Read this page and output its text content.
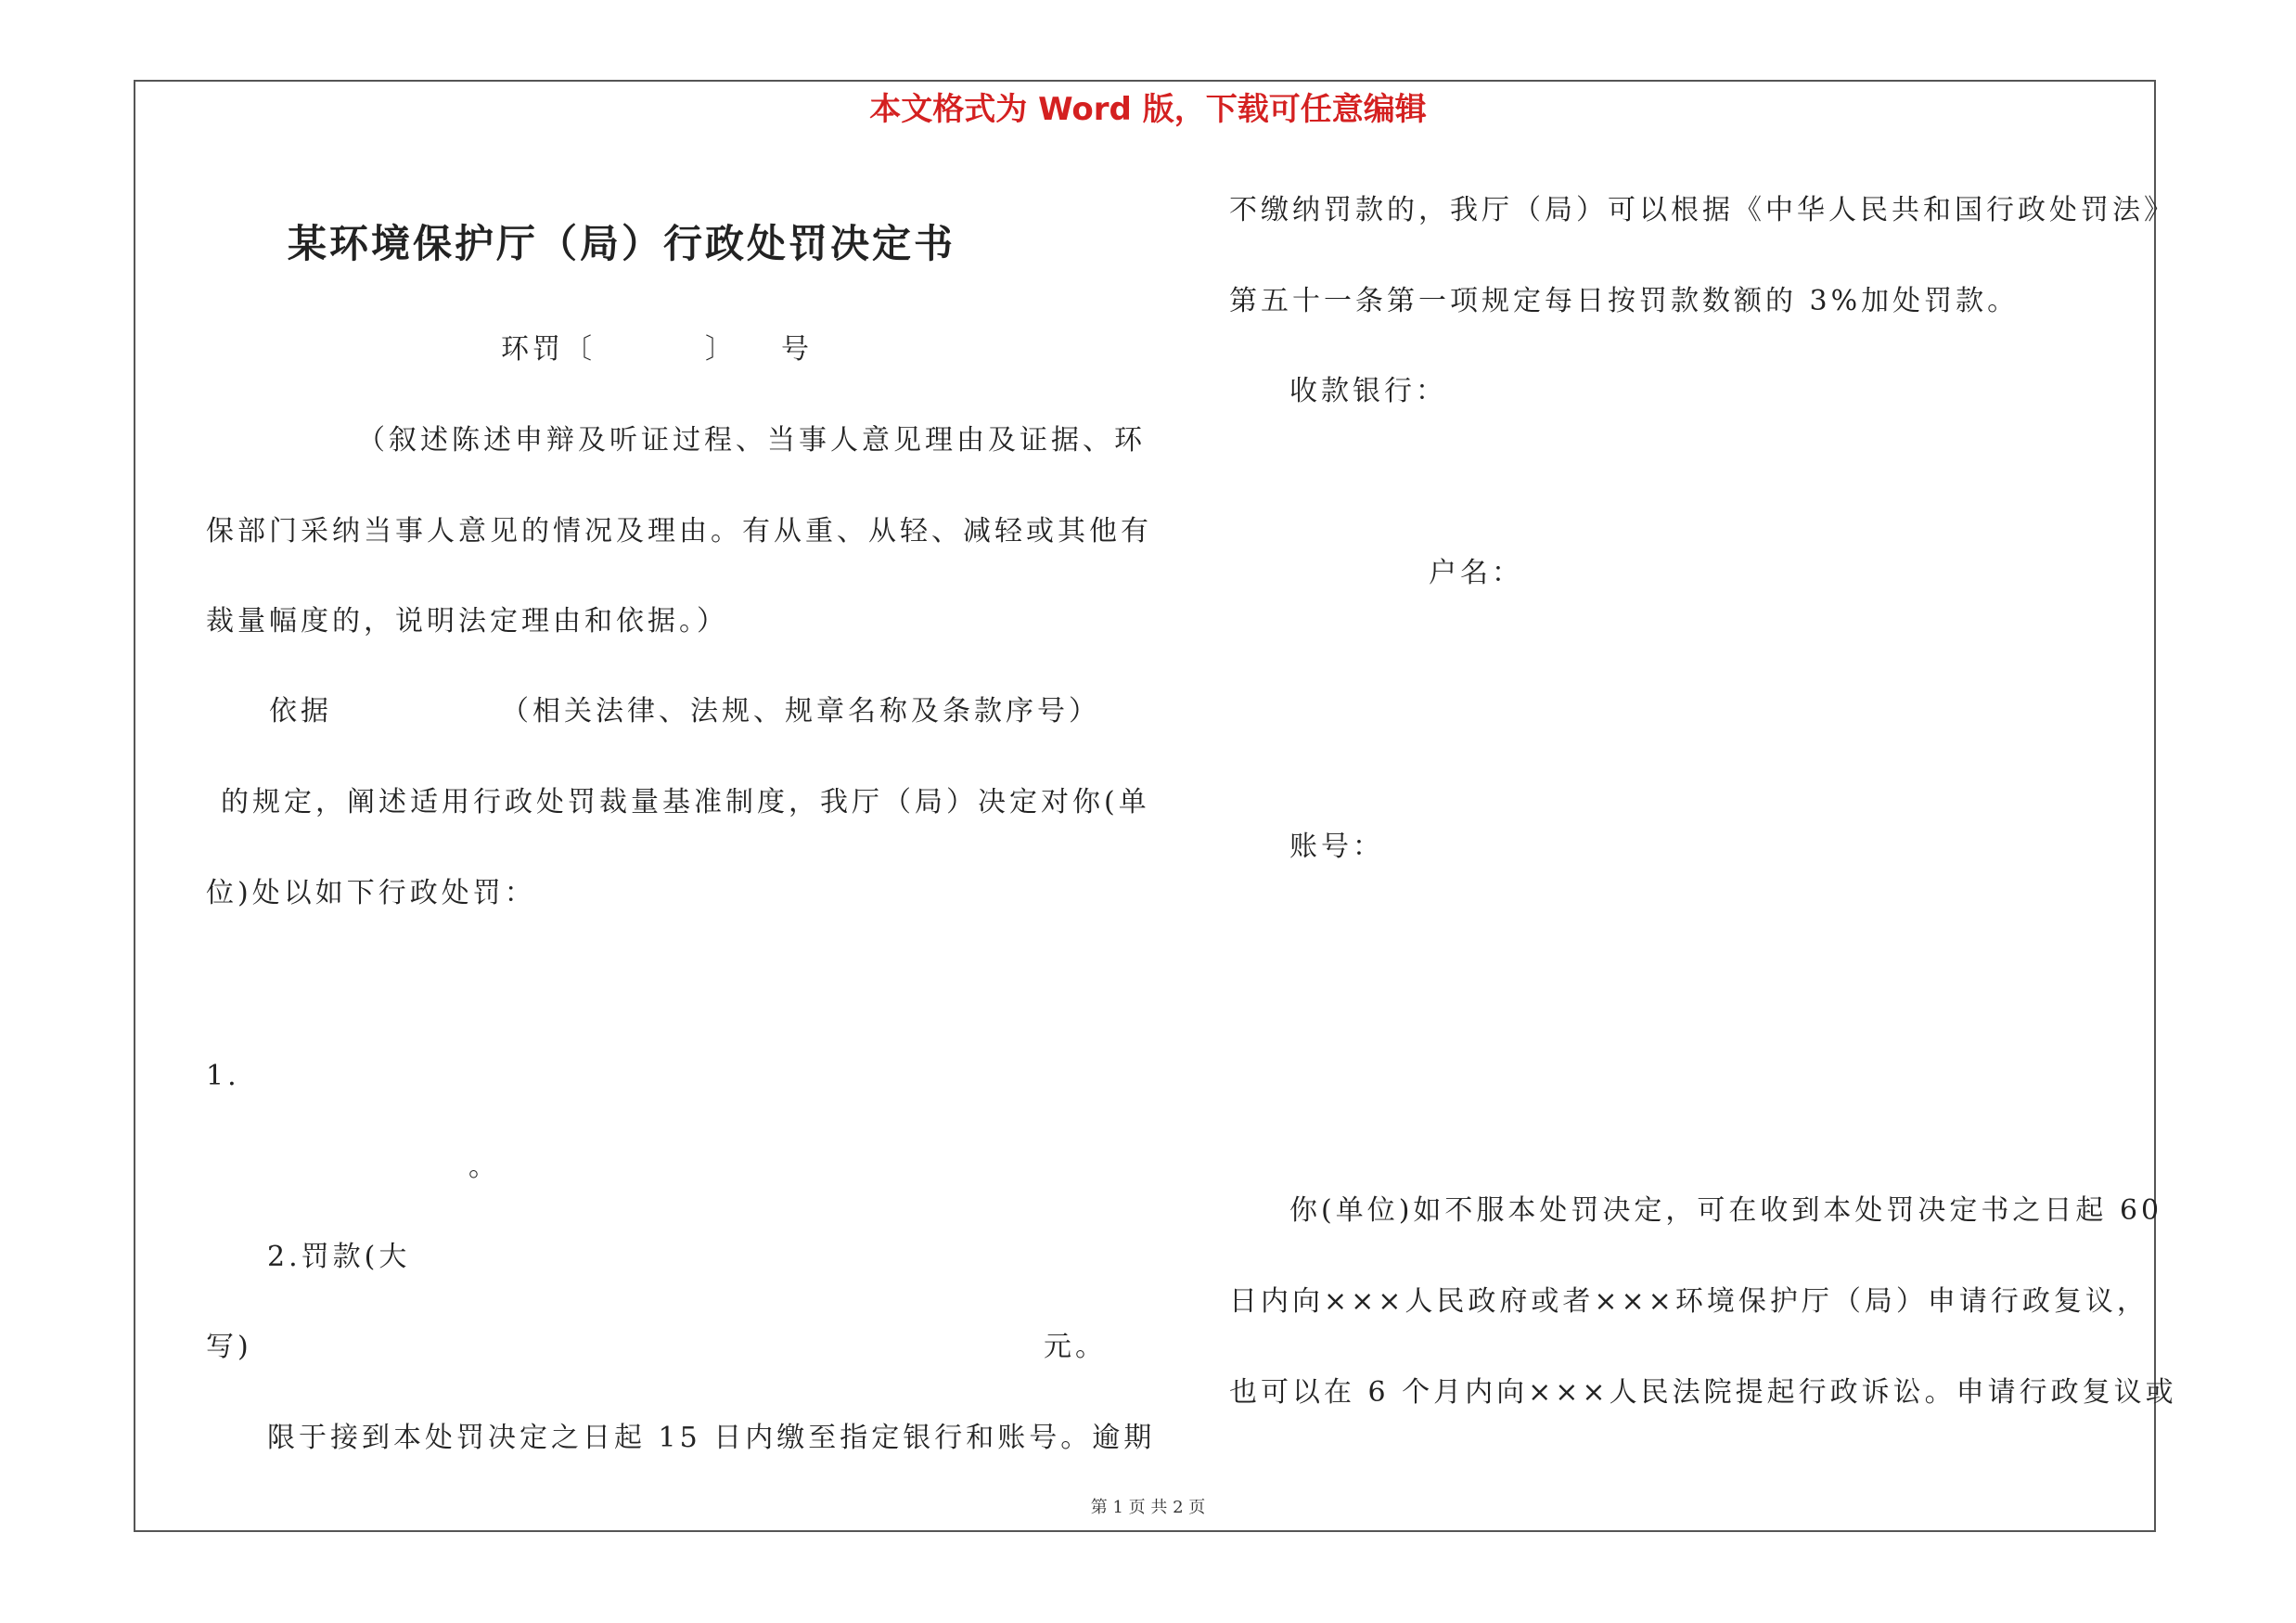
本文格式为 Word 版，下载可任意编辑
某环境保护厅（局）行政处罚决定书
环罚〔	〕 号
（叙述陈述申辩及听证过程、当事人意见理由及证据、环
保部门采纳当事人意见的情况及理由。有从重、从轻、减轻或其他有
裁量幅度的，说明法定理由和依据。）
依据	（相关法律、法规、规章名称及条款序号）
的规定，阐述适用行政处罚裁量基准制度，我厅（局）决定对你(单
位)处以如下行政处罚：
1.
。
2.罚款(大
写)	元。
限于接到本处罚决定之日起 15 日内缴至指定银行和账号。逾期
不缴纳罚款的，我厅（局）可以根据《中华人民共和国行政处罚法》
第五十一条第一项规定每日按罚款数额的 3%加处罚款。
收款银行：
户名：
账号：
你(单位)如不服本处罚决定，可在收到本处罚决定书之日起 60
日内向×××人民政府或者×××环境保护厅（局）申请行政复议，
也可以在 6 个月内向×××人民法院提起行政诉讼。申请行政复议或
第 1 页 共 2 页
